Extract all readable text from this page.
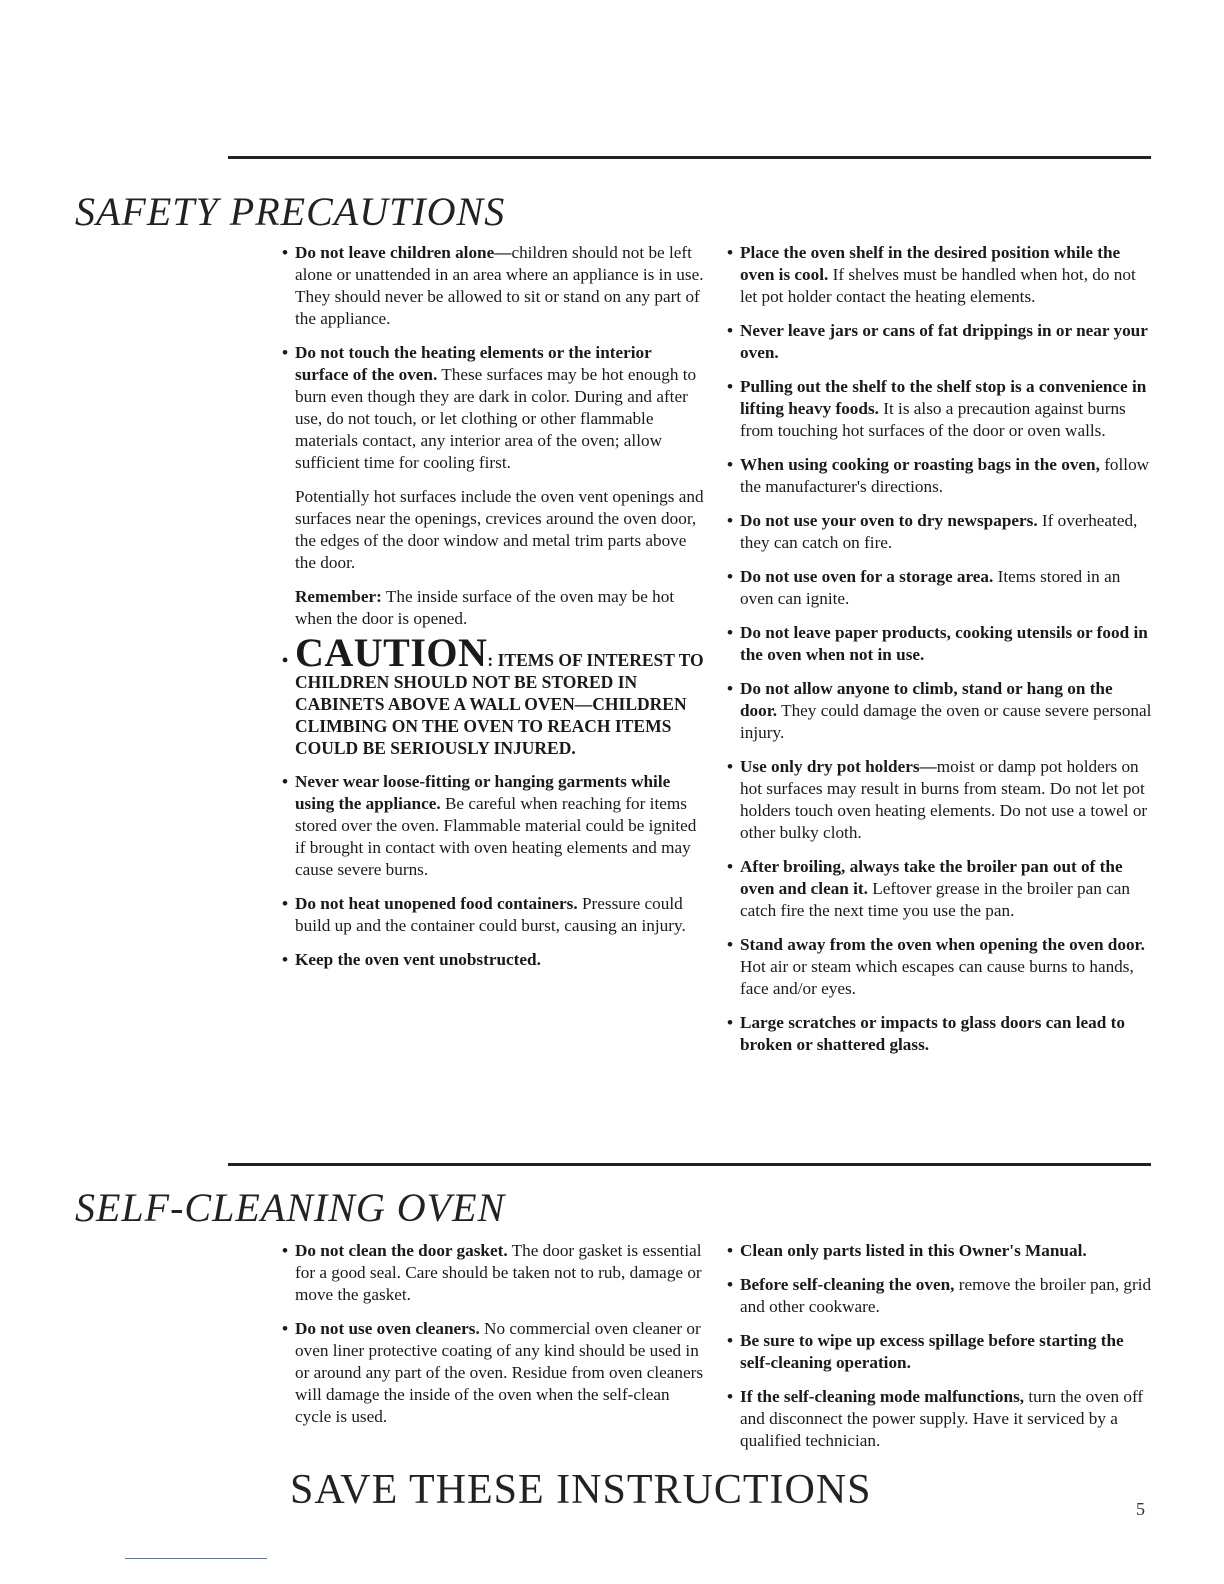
SAFETY PRECAUTIONS

• Do not leave children alone—children should not be left alone or unattended in an area where an appliance is in use. They should never be allowed to sit or stand on any part of the appliance.

• Do not touch the heating elements or the interior surface of the oven. These surfaces may be hot enough to burn even though they are dark in color. During and after use, do not touch, or let clothing or other flammable materials contact, any interior area of the oven; allow sufficient time for cooling first.

Potentially hot surfaces include the oven vent openings and surfaces near the openings, crevices around the oven door, the edges of the door window and metal trim parts above the door.

Remember: The inside surface of the oven may be hot when the door is opened.

• CAUTION: ITEMS OF INTEREST TO CHILDREN SHOULD NOT BE STORED IN CABINETS ABOVE A WALL OVEN—CHILDREN CLIMBING ON THE OVEN TO REACH ITEMS COULD BE SERIOUSLY INJURED.

• Never wear loose-fitting or hanging garments while using the appliance. Be careful when reaching for items stored over the oven. Flammable material could be ignited if brought in contact with oven heating elements and may cause severe burns.

• Do not heat unopened food containers. Pressure could build up and the container could burst, causing an injury.

• Keep the oven vent unobstructed.

• Place the oven shelf in the desired position while the oven is cool. If shelves must be handled when hot, do not let pot holder contact the heating elements.

• Never leave jars or cans of fat drippings in or near your oven.

• Pulling out the shelf to the shelf stop is a convenience in lifting heavy foods. It is also a precaution against burns from touching hot surfaces of the door or oven walls.

• When using cooking or roasting bags in the oven, follow the manufacturer's directions.

• Do not use your oven to dry newspapers. If overheated, they can catch on fire.

• Do not use oven for a storage area. Items stored in an oven can ignite.

• Do not leave paper products, cooking utensils or food in the oven when not in use.

• Do not allow anyone to climb, stand or hang on the door. They could damage the oven or cause severe personal injury.

• Use only dry pot holders—moist or damp pot holders on hot surfaces may result in burns from steam. Do not let pot holders touch oven heating elements. Do not use a towel or other bulky cloth.

• After broiling, always take the broiler pan out of the oven and clean it. Leftover grease in the broiler pan can catch fire the next time you use the pan.

• Stand away from the oven when opening the oven door. Hot air or steam which escapes can cause burns to hands, face and/or eyes.

• Large scratches or impacts to glass doors can lead to broken or shattered glass.

SELF-CLEANING OVEN

• Do not clean the door gasket. The door gasket is essential for a good seal. Care should be taken not to rub, damage or move the gasket.

• Do not use oven cleaners. No commercial oven cleaner or oven liner protective coating of any kind should be used in or around any part of the oven. Residue from oven cleaners will damage the inside of the oven when the self-clean cycle is used.

• Clean only parts listed in this Owner's Manual.

• Before self-cleaning the oven, remove the broiler pan, grid and other cookware.

• Be sure to wipe up excess spillage before starting the self-cleaning operation.

• If the self-cleaning mode malfunctions, turn the oven off and disconnect the power supply. Have it serviced by a qualified technician.

SAVE THESE INSTRUCTIONS	5
